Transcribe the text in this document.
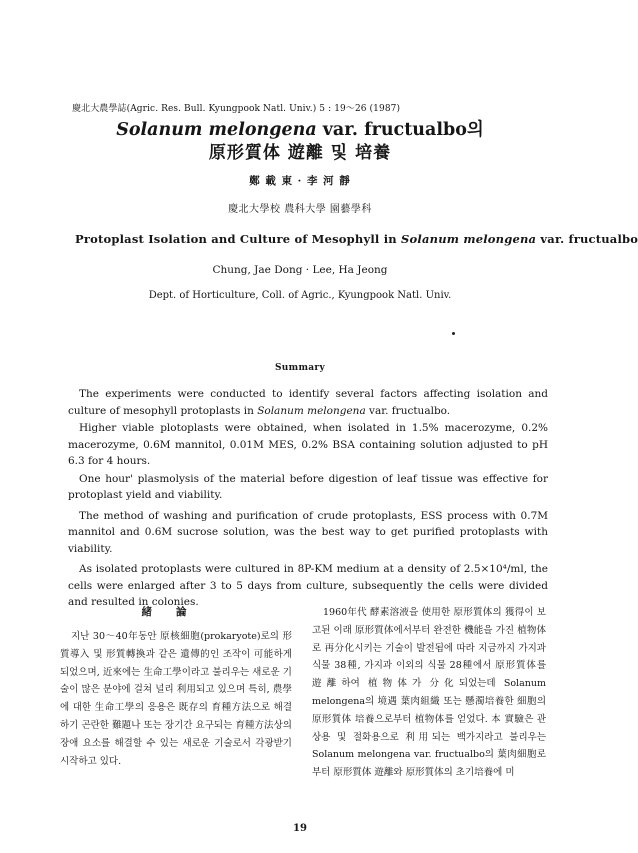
慶北大農學誌(Agric. Res. Bull. Kyungpook Natl. Univ.) 5 : 19～26 (1987)
Solanum melongena var. fructualbo의
原形質体 遊離 및 培養
鄭 載 東 · 李 河 靜
慶北大學校 農科大學 園藝學科
Protoplast Isolation and Culture of Mesophyll in Solanum melongena var. fructualbo
Chung, Jae Dong · Lee, Ha Jeong
Dept. of Horticulture, Coll. of Agric., Kyungpook Natl. Univ.
Summary

The experiments were conducted to identify several factors affecting isolation and culture of mesophyll protoplasts in Solanum melongena var. fructualbo.

Higher viable plotoplasts were obtained, when isolated in 1.5% macerozyme, 0.2% macerozyme, 0.6M mannitol, 0.01M MES, 0.2% BSA containing solution adjusted to pH 6.3 for 4 hours.

One hour' plasmolysis of the material before digestion of leaf tissue was effective for protoplast yield and viability.

The method of washing and purification of crude protoplasts, ESS process with 0.7M mannitol and 0.6M sucrose solution, was the best way to get purified protoplasts with viability.

As isolated protoplasts were cultured in 8P-KM medium at a density of 2.5×10⁴/ml, the cells were enlarged after 3 to 5 days from culture, subsequently the cells were divided and resulted in colonies.

緒論

지난 30～40年동안 原核細胞(prokaryote)로의 形質導入 및 形質轉換과 같은 遺傳的인 조작이 可能하게 되었으며, 近來에는 生命工學이라고 불리우는 새로운 기술이 많은 분야에 걸쳐 널리 利用되고 있으며 특히, 農學에 대한 生命工學의 응용은 既存의 育種方法으로 해결하기 곤란한 難題나 또는 장기간 요구되는 育種方法상의 장애 요소를 해결할 수 있는 새로운 기술로서 각광받기 시작하고 있다.

1960年代 酵素溶液을 使用한 原形質体의 獲得이 보고된 이래 原形質体에서부터 완전한 機能을 가진 植物体로 再分化시키는 기술이 발전됨에 따라 지금까지 가지과 식물 38種, 가지과 이외의 식물 28種에서 原形質体를 遊離하여 植物体가 分化되었는데 Solanum melongena의 境遇 葉肉組織 또는 懸濁培養한 細胞의 原形質体 培養으로부터 植物体를 얻었다. 本 實驗은 관상용 및 절화용으로 利用되는 백가지라고 불리우는 Solanum melongena var. fructualbo의 葉肉細胞로부터 原形質体 遊離와 原形質体의 초기培養에 미

19
